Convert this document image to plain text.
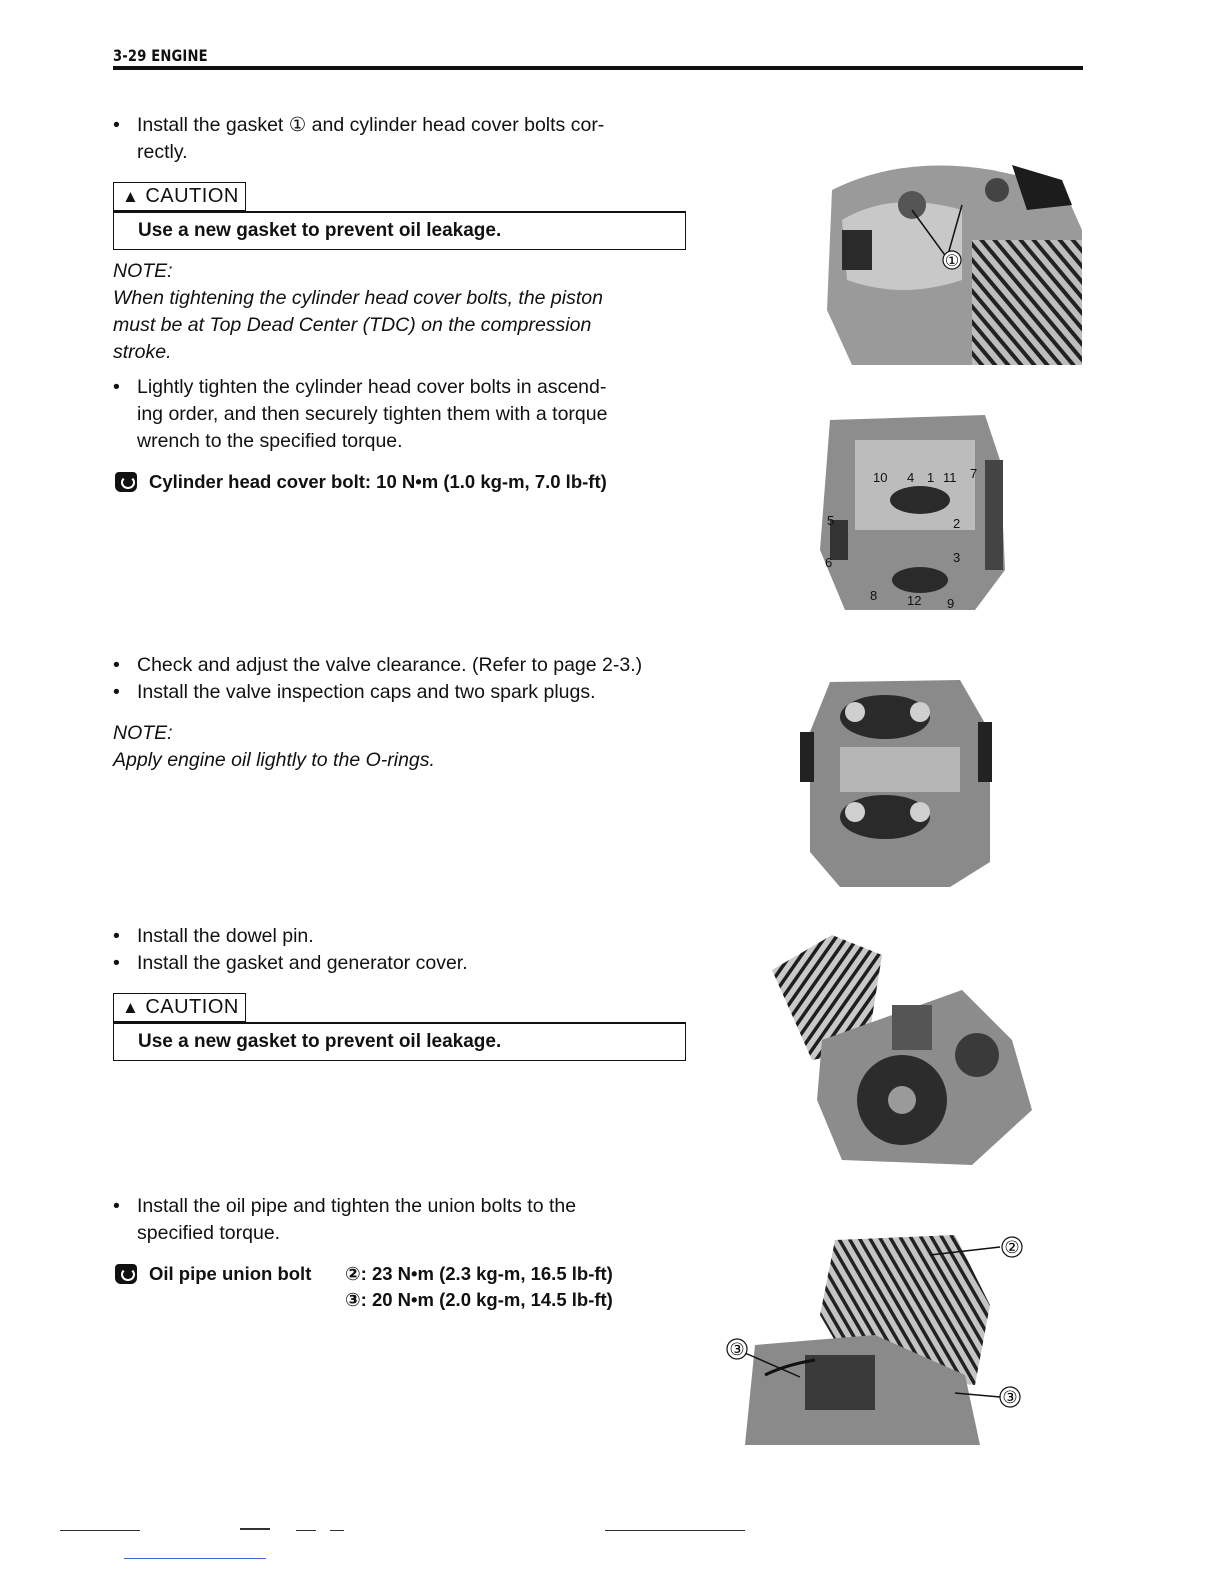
3-29 ENGINE

• Install the gasket ① and cylinder head cover bolts cor-
rectly.

▲ CAUTION
Use a new gasket to prevent oil leakage.
NOTE:
When tightening the cylinder head cover bolts, the piston
must be at Top Dead Center (TDC) on the compression
stroke.

• Lightly tighten the cylinder head cover bolts in ascend-
ing order, and then securely tighten them with a torque
wrench to the specified torque.

Cylinder head cover bolt: 10 N•m (1.0 kg-m, 7.0 lb-ft)

• Check and adjust the valve clearance. (Refer to page 2-3.)

• Install the valve inspection caps and two spark plugs.

NOTE:
Apply engine oil lightly to the O-rings.

• Install the dowel pin.

• Install the gasket and generator cover.

▲ CAUTION
Use a new gasket to prevent oil leakage.

• Install the oil pipe and tighten the union bolts to the
specified torque.

Oil pipe union bolt ②: 23 N•m (2.3 kg-m, 16.5 lb-ft)
③: 20 N•m (2.0 kg-m, 14.5 lb-ft)
①
10 4 1 11 7
2
5
3
6
8 12 9
②
③
③
